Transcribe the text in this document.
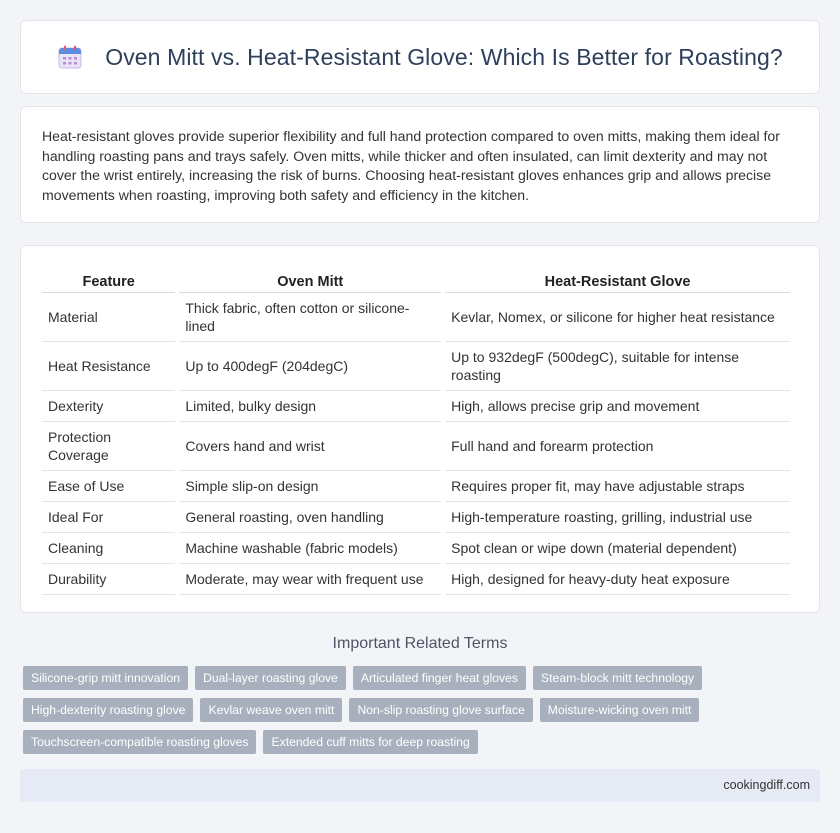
Oven Mitt vs. Heat-Resistant Glove: Which Is Better for Roasting?

Heat-resistant gloves provide superior flexibility and full hand protection compared to oven mitts, making them ideal for handling roasting pans and trays safely. Oven mitts, while thicker and often insulated, can limit dexterity and may not cover the wrist entirely, increasing the risk of burns. Choosing heat-resistant gloves enhances grip and allows precise movements when roasting, improving both safety and efficiency in the kitchen.

Feature	Oven Mitt	Heat-Resistant Glove
Material	Thick fabric, often cotton or silicone-lined	Kevlar, Nomex, or silicone for higher heat resistance
Heat Resistance	Up to 400degF (204degC)	Up to 932degF (500degC), suitable for intense roasting
Dexterity	Limited, bulky design	High, allows precise grip and movement
Protection Coverage	Covers hand and wrist	Full hand and forearm protection
Ease of Use	Simple slip-on design	Requires proper fit, may have adjustable straps
Ideal For	General roasting, oven handling	High-temperature roasting, grilling, industrial use
Cleaning	Machine washable (fabric models)	Spot clean or wipe down (material dependent)
Durability	Moderate, may wear with frequent use	High, designed for heavy-duty heat exposure
Important Related Terms
Silicone-grip mitt innovation	Dual-layer roasting glove	Articulated finger heat gloves	Steam-block mitt technology
High-dexterity roasting glove	Kevlar weave oven mitt	Non-slip roasting glove surface	Moisture-wicking oven mitt
Touchscreen-compatible roasting gloves	Extended cuff mitts for deep roasting
cookingdiff.com
